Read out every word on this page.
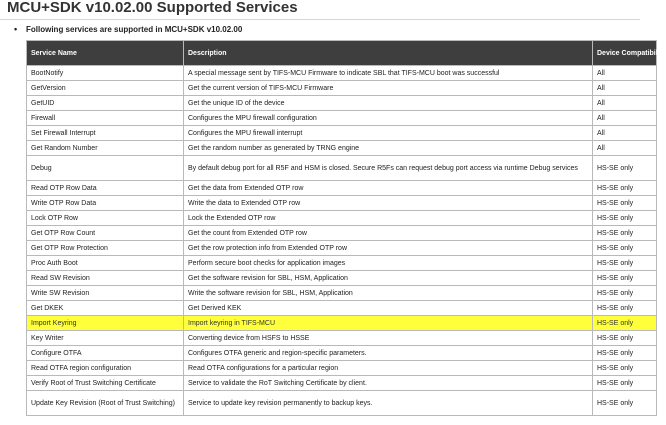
MCU+SDK v10.02.00 Supported Services
• Following services are supported in MCU+SDK v10.02.00
Service Name	Description	Device Compatibility
BootNotify	A special message sent by TIFS-MCU Firmware to indicate SBL that TIFS-MCU boot was successful	All
GetVersion	Get the current version of TIFS-MCU Firmware	All
GetUID	Get the unique ID of the device	All
Firewall	Configures the MPU firewall configuration	All
Set Firewall Interrupt	Configures the MPU firewall interrupt	All
Get Random Number	Get the random number as generated by TRNG engine	All
Debug	By default debug port for all R5F and HSM is closed. Secure R5Fs can request debug port access via runtime Debug services	HS-SE only
Read OTP Row Data	Get the data from Extended OTP row	HS-SE only
Write OTP Row Data	Write the data to Extended OTP row	HS-SE only
Lock OTP Row	Lock the Extended OTP row	HS-SE only
Get OTP Row Count	Get the count from Extended OTP row	HS-SE only
Get OTP Row Protection	Get the row protection info from Extended OTP row	HS-SE only
Proc Auth Boot	Perform secure boot checks for application images	HS-SE only
Read SW Revision	Get the software revision for SBL, HSM, Application	HS-SE only
Write SW Revision	Write the software revision for SBL, HSM, Application	HS-SE only
Get DKEK	Get Derived KEK	HS-SE only
Import Keyring	Import keyring in TIFS-MCU	HS-SE only
Key Writer	Converting device from HSFS to HSSE	HS-SE only
Configure OTFA	Configures OTFA generic and region-specific parameters.	HS-SE only
Read OTFA region configuration	Read OTFA configurations for a particular region	HS-SE only
Verify Root of Trust Switching Certificate	Service to validate the RoT Switching Certificate by client.	HS-SE only
Update Key Revision (Root of Trust Switching)	Service to update key revision permanently to backup keys.	HS-SE only
